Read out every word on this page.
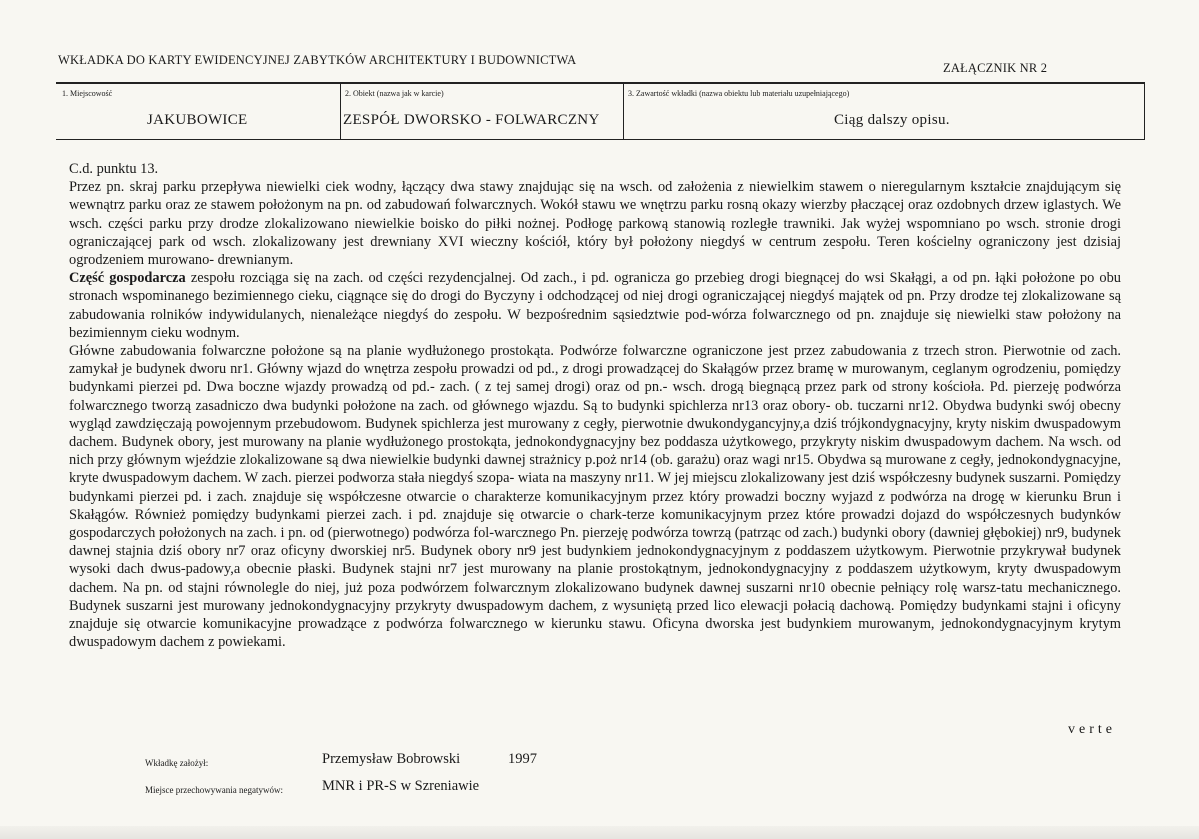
WKŁADKA DO KARTY EWIDENCYJNEJ ZABYTKÓW ARCHITEKTURY I BUDOWNICTWA
ZAŁĄCZNIK NR 2
1. Miejscowość
JAKUBOWICE
2. Obiekt (nazwa jak w karcie)
ZESPÓŁ DWORSKO - FOLWARCZNY
3. Zawartość wkładki (nazwa obiektu lub materiału uzupełniającego)
Ciąg dalszy opisu.

C.d. punktu 13.

Przez pn. skraj parku przepływa niewielki ciek wodny, łączący dwa stawy znajdując się na wsch. od założenia z niewielkim stawem o nieregularnym kształcie znajdującym się wewnątrz parku oraz ze stawem położonym na pn. od zabudowań folwarcznych. Wokół stawu we wnętrzu parku rosną okazy wierzby płaczącej oraz ozdobnych drzew iglastych. We wsch. części parku przy drodze zlokalizowano niewielkie boisko do piłki nożnej. Podłogę parkową stanowią rozległe trawniki. Jak wyżej wspomniano po wsch. stronie drogi ograniczającej park od wsch. zlokalizowany jest drewniany XVI wieczny kościół, który był położony niegdyś w centrum zespołu. Teren kościelny ograniczony jest dzisiaj ogrodzeniem murowano- drewnianym.

Część gospodarcza zespołu rozciąga się na zach. od części rezydencjalnej. Od zach., i pd. ogranicza go przebieg drogi biegnącej do wsi Skałągi, a od pn. łąki położone po obu stronach wspominanego bezimiennego cieku, ciągnące się do drogi do Byczyny i odchodzącej od niej drogi ograniczającej niegdyś majątek od pn. Przy drodze tej zlokalizowane są zabudowania rolników indywidulanych, nienależące niegdyś do zespołu. W bezpośrednim sąsiedztwie pod-wórza folwarcznego od pn. znajduje się niewielki staw położony na bezimiennym cieku wodnym.

Główne zabudowania folwarczne położone są na planie wydłużonego prostokąta. Podwórze folwarczne ograniczone jest przez zabudowania z trzech stron. Pierwotnie od zach. zamykał je budynek dworu nr1. Główny wjazd do wnętrza zespołu prowadzi od pd., z drogi prowadzącej do Skałągów przez bramę w murowanym, ceglanym ogrodzeniu, pomiędzy budynkami pierzei pd. Dwa boczne wjazdy prowadzą od pd.- zach. ( z tej samej drogi) oraz od pn.- wsch. drogą biegnącą przez park od strony kościoła. Pd. pierzeję podwórza folwarcznego tworzą zasadniczo dwa budynki położone na zach. od głównego wjazdu. Są to budynki spichlerza nr13 oraz obory- ob. tuczarni nr12. Obydwa budynki swój obecny wygląd zawdzięczają powojennym przebudowom. Budynek spichlerza jest murowany z cegły, pierwotnie dwukondygancyjny,a dziś trójkondygnacyjny, kryty niskim dwuspadowym dachem. Budynek obory, jest murowany na planie wydłużonego prostokąta, jednokondygnacyjny bez poddasza użytkowego, przykryty niskim dwuspadowym dachem. Na wsch. od nich przy głównym wjeździe zlokalizowane są dwa niewielkie budynki dawnej strażnicy p.poż nr14 (ob. garażu) oraz wagi nr15. Obydwa są murowane z cegły, jednokondygnacyjne, kryte dwuspadowym dachem. W zach. pierzei podworza stała niegdyś szopa- wiata na maszyny nr11. W jej miejscu zlokalizowany jest dziś współczesny budynek suszarni. Pomiędzy budynkami pierzei pd. i zach. znajduje się współczesne otwarcie o charakterze komunikacyjnym przez który prowadzi boczny wyjazd z podwórza na drogę w kierunku Brun i Skałągów. Również pomiędzy budynkami pierzei zach. i pd. znajduje się otwarcie o chark-terze komunikacyjnym przez które prowadzi dojazd do współczesnych budynków gospodarczych położonych na zach. i pn. od (pierwotnego) podwórza fol-warcznego Pn. pierzeję podwórza towrzą (patrząc od zach.) budynki obory (dawniej głębokiej) nr9, budynek dawnej stajnia dziś obory nr7 oraz oficyny dworskiej nr5. Budynek obory nr9 jest budynkiem jednokondygnacyjnym z poddaszem użytkowym. Pierwotnie przykrywał budynek wysoki dach dwus-padowy,a obecnie płaski. Budynek stajni nr7 jest murowany na planie prostokątnym, jednokondygnacyjny z poddaszem użytkowym, kryty dwuspadowym dachem. Na pn. od stajni równolegle do niej, już poza podwórzem folwarcznym zlokalizowano budynek dawnej suszarni nr10 obecnie pełniący rolę warsz-tatu mechanicznego. Budynek suszarni jest murowany jednokondygnacyjny przykryty dwuspadowym dachem, z wysuniętą przed lico elewacji połacią dachową. Pomiędzy budynkami stajni i oficyny znajduje się otwarcie komunikacyjne prowadzące z podwórza folwarcznego w kierunku stawu. Oficyna dworska jest budynkiem murowanym, jednokondygnacyjnym krytym dwuspadowym dachem z powiekami.

verte
Wkładkę założył:	Przemysław Bobrowski	1997
Miejsce przechowywania negatywów:	MNR i PR-S w Szreniawie
